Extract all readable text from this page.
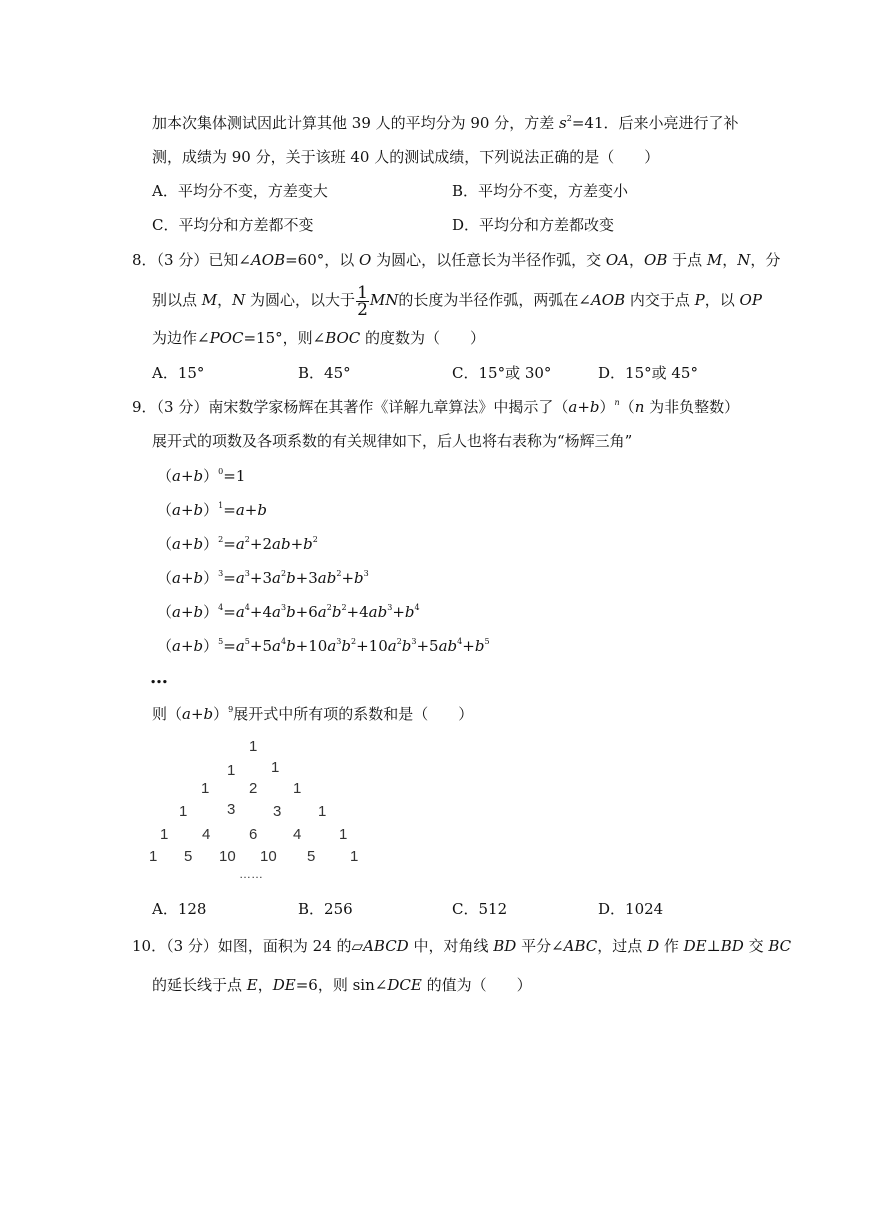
加本次集体测试因此计算其他 39 人的平均分为 90 分，方差 $s^2=41$．后来小亮进行了补
测，成绩为 90 分，关于该班 40 人的测试成绩，下列说法正确的是（　　）
A．平均分不变，方差变大	B．平均分不变，方差变小
C．平均分和方差都不变	D．平均分和方差都改变
8．（3 分）已知∠AOB=60°，以 O 为圆心，以任意长为半径作弧，交 OA，OB 于点 M，N，分
别以点 M，N 为圆心，以大于 $\frac{1}{2}$ MN的长度为半径作弧，两弧在∠AOB 内交于点 P，以 OP
为边作∠POC=15°，则∠BOC 的度数为（　　）
A．15°	B．45°	C．15°或 30°	D．15°或 45°
9．（3 分）南宋数学家杨辉在其著作《详解九章算法》中揭示了$(a+b)^n(n$ 为非负整数）
展开式的项数及各项系数的有关规律如下，后人也将右表称为“杨辉三角”
$(a+b)^0=1$
$(a+b)^1=a+b$
$(a+b)^2=a^2+2ab+b^2$
$(a+b)^3=a^3+3a^2b+3ab^2+b^3$
$(a+b)^4=a^4+4a^3b+6a^2b^2+4ab^3+b^4$
$(a+b)^5=a^5+5a^4b+10a^3b^2+10a^2b^3+5ab^4+b^5$
…
则$(a+b)^9$展开式中所有项的系数和是（　　）
1
1 1
1	2 1
1	3	3 1
1 4	6 4	1
1 5 10 10 5 1
……
A．128	B．256	C．512	D．1024
10．（3 分）如图，面积为 24 的▱ABCD 中，对角线 BD 平分∠ABC，过点 D 作 DE⊥BD 交 BC
的延长线于点 E，DE=6，则 sin∠DCE 的值为（　　）
